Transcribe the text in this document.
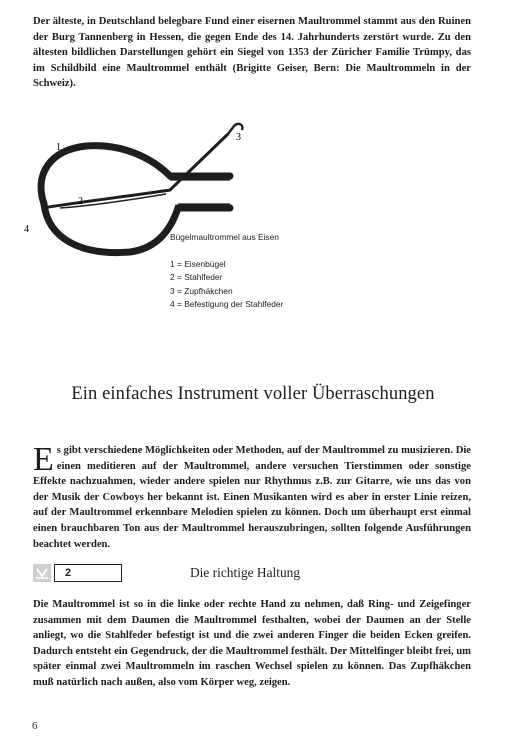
Der älteste, in Deutschland belegbare Fund einer eisernen Maultrommel stammt aus den Ruinen der Burg Tannenberg in Hessen, die gegen Ende des 14. Jahrhunderts zerstört wurde. Zu den ältesten bildlichen Darstellungen gehört ein Siegel von 1353 der Züricher Familie Trümpy, das im Schildbild eine Maultrommel enthält (Brigitte Geiser, Bern: Die Maultrommeln in der Schweiz).

1
2
3
4
Bügelmaultrommel aus Eisen
1 = Eisenbügel
2 = Stahlfeder
3 = Zupfhäkchen
4 = Befestigung der Stahlfeder
Ein einfaches Instrument voller Überraschungen

Es gibt verschiedene Möglichkeiten oder Methoden, auf der Maultrommel zu musizieren. Die einen meditieren auf der Maultrommel, andere versuchen Tierstimmen oder sonstige Effekte nachzuahmen, wieder andere spielen nur Rhythmus z.B. zur Gitarre, wie uns das von der Musik der Cowboys her bekannt ist. Einen Musikanten wird es aber in erster Linie reizen, auf der Maultrommel erkennbare Melodien spielen zu können. Doch um überhaupt erst einmal einen brauchbaren Ton aus der Maultrommel herauszubringen, sollten folgende Ausführungen beachtet werden.

2	Die richtige Haltung

Die Maultrommel ist so in die linke oder rechte Hand zu nehmen, daß Ring- und Zeigefinger zusammen mit dem Daumen die Maultrommel festhalten, wobei der Daumen an der Stelle anliegt, wo die Stahlfeder befestigt ist und die zwei anderen Finger die beiden Ecken greifen. Dadurch entsteht ein Gegendruck, der die Maultrommel festhält. Der Mittelfinger bleibt frei, um später einmal zwei Maultrommeln im raschen Wechsel spielen zu können. Das Zupfhäkchen muß natürlich nach außen, also vom Körper weg, zeigen.

6
